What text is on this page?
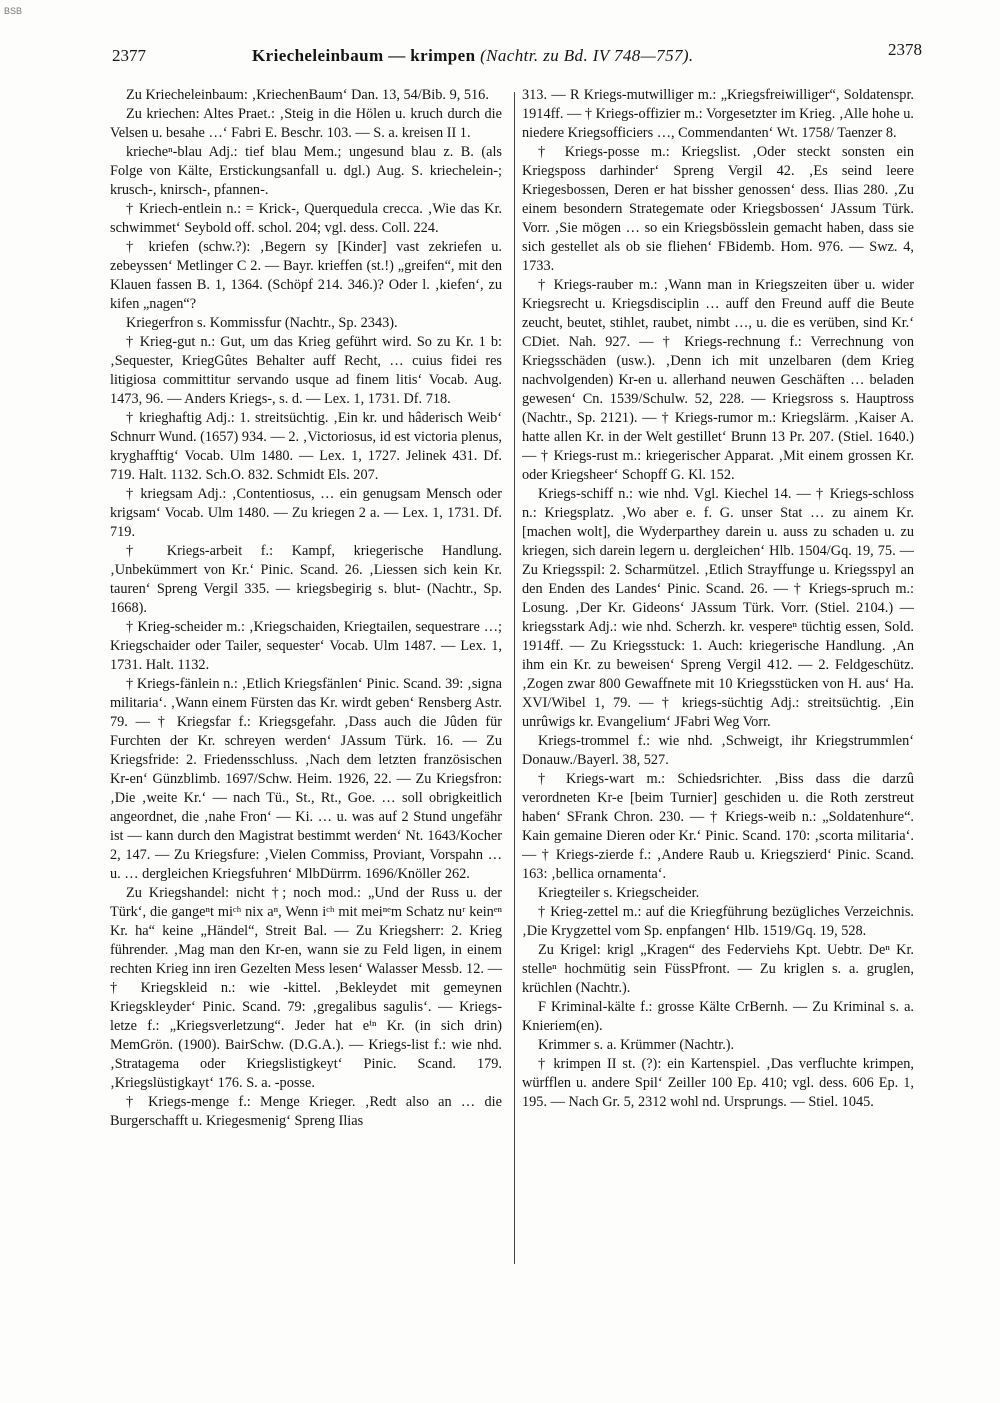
BSB
2377	Kriecheleinbaum — krimpen (Nachtr. zu Bd. IV 748—757).	2378

Zu Kriecheleinbaum: ‚KriechenBaum‘ Dan. 13, 54/Bib. 9, 516.

Zu kriechen: Altes Praet.: ‚Steig in die Hölen u. kruch durch die Velsen u. besahe …‘ Fabri E. Beschr. 103. — S. a. kreisen II 1.

kriecheⁿ-blau Adj.: tief blau Mem.; ungesund blau z. B. (als Folge von Kälte, Erstickungsanfall u. dgl.) Aug. S. kriechelein-; krusch-, knirsch-, pfannen-.

† Kriech-entlein n.: = Krick-, Querquedula crecca. ‚Wie das Kr. schwimmet‘ Seybold off. schol. 204; vgl. dess. Coll. 224.

† kriefen (schw.?): ‚Begern sy [Kinder] vast zekriefen u. zebeyssen‘ Metlinger C 2. — Bayr. krieffen (st.!) „greifen“, mit den Klauen fassen B. 1, 1364. (Schöpf 214. 346.)? Oder l. ‚kiefen‘, zu kifen „nagen“?

Kriegerfron s. Kommissfur (Nachtr., Sp. 2343).

† Krieg-gut n.: Gut, um das Krieg geführt wird. So zu Kr. 1 b: ‚Sequester, KriegGûtes Behalter auff Recht, … cuius fidei res litigiosa committitur servando usque ad finem litis‘ Vocab. Aug. 1473, 96. — Anders Kriegs-, s. d. — Lex. 1, 1731. Df. 718.

† krieghaftig Adj.: 1. streitsüchtig. ‚Ein kr. und hâderisch Weib‘ Schnurr Wund. (1657) 934. — 2. ‚Victoriosus, id est victoria plenus, kryghafftig‘ Vocab. Ulm 1480. — Lex. 1, 1727. Jelinek 431. Df. 719. Halt. 1132. Sch.O. 832. Schmidt Els. 207.

† kriegsam Adj.: ‚Contentiosus, … ein genugsam Mensch oder krigsam‘ Vocab. Ulm 1480. — Zu kriegen 2 a. — Lex. 1, 1731. Df. 719.

† Kriegs-arbeit f.: Kampf, kriegerische Handlung. ‚Unbekümmert von Kr.‘ Pinic. Scand. 26. ‚Liessen sich kein Kr. tauren‘ Spreng Vergil 335. — kriegsbegirig s. blut- (Nachtr., Sp. 1668).

† Krieg-scheider m.: ‚Kriegschaiden, Kriegtailen, sequestrare …; Kriegschaider oder Tailer, sequester‘ Vocab. Ulm 1487. — Lex. 1, 1731. Halt. 1132.

† Kriegs-fänlein n.: ‚Etlich Kriegsfänlen‘ Pinic. Scand. 39: ‚signa militaria‘. ‚Wann einem Fürsten das Kr. wirdt geben‘ Rensberg Astr. 79. — † Kriegsfar f.: Kriegsgefahr. ‚Dass auch die Jûden für Furchten der Kr. schreyen werden‘ JAssum Türk. 16. — Zu Kriegsfride: 2. Friedensschluss. ‚Nach dem letzten französischen Kr-en‘ Günzblimb. 1697/Schw. Heim. 1926, 22. — Zu Kriegsfron: ‚Die ‚weite Kr.‘ — nach Tü., St., Rt., Goe. … soll obrigkeitlich angeordnet, die ‚nahe Fron‘ — Ki. … u. was auf 2 Stund ungefähr ist — kann durch den Magistrat bestimmt werden‘ Nt. 1643/Kocher 2, 147. — Zu Kriegsfure: ‚Vielen Commiss, Proviant, Vorspahn … u. … dergleichen Kriegsfuhren‘ MlbDürrm. 1696/Knöller 262.

Zu Kriegshandel: nicht †; noch mod.: „Und der Russ u. der Türk‘, die gangeⁿt miᶜʰ nix aⁿ, Wenn iᶜʰ mit meiⁿᵉm Schatz nuʳ keinᵉⁿ Kr. ha“ keine „Händel“, Streit Bal. — Zu Kriegsherr: 2. Krieg führender. ‚Mag man den Kr-en, wann sie zu Feld ligen, in einem rechten Krieg inn iren Gezelten Mess lesen‘ Walasser Messb. 12. — † Kriegskleid n.: wie -kittel. ‚Bekleydet mit gemeynen Kriegskleyder‘ Pinic. Scand. 79: ‚gregalibus sagulis‘. — Kriegs-letze f.: „Kriegsverletzung“. Jeder hat eⁱⁿ Kr. (in sich drin) MemGrön. (1900). BairSchw. (D.G.A.). — Kriegs-list f.: wie nhd. ‚Stratagema oder Kriegslistigkeyt‘ Pinic. Scand. 179. ‚Kriegslüstigkayt‘ 176. S. a. -posse.

† Kriegs-menge f.: Menge Krieger. ‚Redt also an … die Burgerschafft u. Kriegesmenig‘ Spreng Ilias

313. — R Kriegs-mutwilliger m.: „Kriegsfreiwilliger“, Soldatenspr. 1914ff. — † Kriegs-offizier m.: Vorgesetzter im Krieg. ‚Alle hohe u. niedere Kriegsofficiers …, Commendanten‘ Wt. 1758/ Taenzer 8.

† Kriegs-posse m.: Kriegslist. ‚Oder steckt sonsten ein Kriegsposs darhinder‘ Spreng Vergil 42. ‚Es seind leere Kriegesbossen, Deren er hat bissher genossen‘ dess. Ilias 280. ‚Zu einem besondern Strategemate oder Kriegsbossen‘ JAssum Türk. Vorr. ‚Sie mögen … so ein Kriegsbösslein gemacht haben, dass sie sich gestellet als ob sie fliehen‘ FBidemb. Hom. 976. — Swz. 4, 1733.

† Kriegs-rauber m.: ‚Wann man in Kriegszeiten über u. wider Kriegsrecht u. Kriegsdisciplin … auff den Freund auff die Beute zeucht, beutet, stihlet, raubet, nimbt …, u. die es verüben, sind Kr.‘ CDiet. Nah. 927. — † Kriegs-rechnung f.: Verrechnung von Kriegsschäden (usw.). ‚Denn ich mit unzelbaren (dem Krieg nachvolgenden) Kr-en u. allerhand neuwen Geschäften … beladen gewesen‘ Cn. 1539/Schulw. 52, 228. — Kriegsross s. Hauptross (Nachtr., Sp. 2121). — † Kriegs-rumor m.: Kriegslärm. ‚Kaiser A. hatte allen Kr. in der Welt gestillet‘ Brunn 13 Pr. 207. (Stiel. 1640.) — † Kriegs-rust m.: kriegerischer Apparat. ‚Mit einem grossen Kr. oder Kriegsheer‘ Schopff G. Kl. 152.

Kriegs-schiff n.: wie nhd. Vgl. Kiechel 14. — † Kriegs-schloss n.: Kriegsplatz. ‚Wo aber e. f. G. unser Stat … zu ainem Kr. [machen wolt], die Wyderparthey darein u. auss zu schaden u. zu kriegen, sich darein legern u. dergleichen‘ Hlb. 1504/Gq. 19, 75. — Zu Kriegsspil: 2. Scharmützel. ‚Etlich Strayffunge u. Kriegsspyl an den Enden des Landes‘ Pinic. Scand. 26. — † Kriegs-spruch m.: Losung. ‚Der Kr. Gideons‘ JAssum Türk. Vorr. (Stiel. 2104.) — kriegsstark Adj.: wie nhd. Scherzh. kr. vespereⁿ tüchtig essen, Sold. 1914ff. — Zu Kriegsstuck: 1. Auch: kriegerische Handlung. ‚An ihm ein Kr. zu beweisen‘ Spreng Vergil 412. — 2. Feldgeschütz. ‚Zogen zwar 800 Gewaffnete mit 10 Kriegsstücken von H. aus‘ Ha. XVI/Wibel 1, 79. — † kriegs-süchtig Adj.: streitsüchtig. ‚Ein unrûwigs kr. Evangelium‘ JFabri Weg Vorr.

Kriegs-trommel f.: wie nhd. ‚Schweigt, ihr Kriegstrummlen‘ Donauw./Bayerl. 38, 527.

† Kriegs-wart m.: Schiedsrichter. ‚Biss dass die darzû verordneten Kr-e [beim Turnier] geschiden u. die Roth zerstreut haben‘ SFrank Chron. 230. — † Kriegs-weib n.: „Soldatenhure“. Kain gemaine Dieren oder Kr.‘ Pinic. Scand. 170: ‚scorta militaria‘. — † Kriegs-zierde f.: ‚Andere Raub u. Kriegszierd‘ Pinic. Scand. 163: ‚bellica ornamenta‘.

Kriegteiler s. Kriegscheider.

† Krieg-zettel m.: auf die Kriegführung bezügliches Verzeichnis. ‚Die Krygzettel vom Sp. enpfangen‘ Hlb. 1519/Gq. 19, 528.

Zu Krigel: krigl „Kragen“ des Federviehs Kpt. Uebtr. Deⁿ Kr. stelleⁿ hochmütig sein FüssPfront. — Zu kriglen s. a. gruglen, krüchlen (Nachtr.).

F Kriminal-kälte f.: grosse Kälte CrBernh. — Zu Kriminal s. a. Knieriem(en).

Krimmer s. a. Krümmer (Nachtr.).

† krimpen II st. (?): ein Kartenspiel. ‚Das verfluchte krimpen, würfflen u. andere Spil‘ Zeiller 100 Ep. 410; vgl. dess. 606 Ep. 1, 195. — Nach Gr. 5, 2312 wohl nd. Ursprungs. — Stiel. 1045.
